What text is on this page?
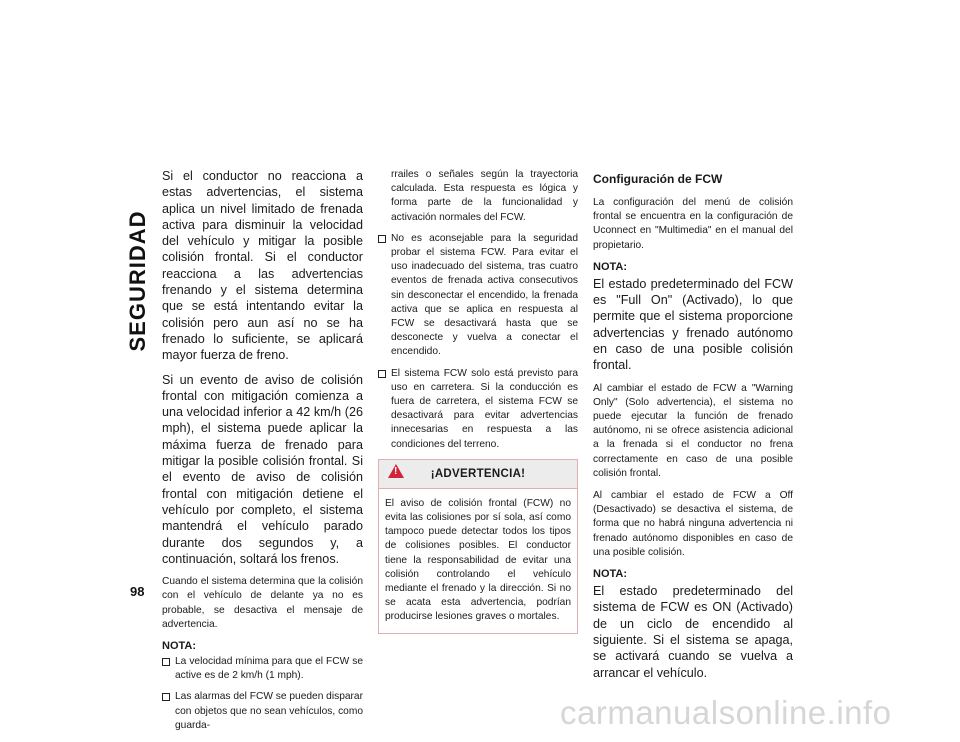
SEGURIDAD
98

Si el conductor no reacciona a estas advertencias, el sistema aplica un nivel limitado de frenada activa para disminuir la velocidad del vehículo y mitigar la posible colisión frontal. Si el conductor reacciona a las advertencias frenando y el sistema determina que se está intentando evitar la colisión pero aun así no se ha frenado lo suficiente, se aplicará mayor fuerza de freno.

Si un evento de aviso de colisión frontal con mitigación comienza a una velocidad inferior a 42 km/h (26 mph), el sistema puede aplicar la máxima fuerza de frenado para mitigar la posible colisión frontal. Si el evento de aviso de colisión frontal con mitigación detiene el vehículo por completo, el sistema mantendrá el vehículo parado durante dos segundos y, a continuación, soltará los frenos.

Cuando el sistema determina que la colisión con el vehículo de delante ya no es probable, se desactiva el mensaje de advertencia.

NOTA:
La velocidad mínima para que el FCW se active es de 2 km/h (1 mph).
Las alarmas del FCW se pueden disparar con objetos que no sean vehículos, como guarda-
rrailes o señales según la trayectoria calculada. Esta respuesta es lógica y forma parte de la funcionalidad y activación normales del FCW.
No es aconsejable para la seguridad probar el sistema FCW. Para evitar el uso inadecuado del sistema, tras cuatro eventos de frenada activa consecutivos sin desconectar el encendido, la frenada activa que se aplica en respuesta al FCW se desactivará hasta que se desconecte y vuelva a conectar el encendido.
El sistema FCW solo está previsto para uso en carretera. Si la conducción es fuera de carretera, el sistema FCW se desactivará para evitar advertencias innecesarias en respuesta a las condiciones del terreno.
!
¡ADVERTENCIA!
El aviso de colisión frontal (FCW) no evita las colisiones por sí sola, así como tampoco puede detectar todos los tipos de colisiones posibles. El conductor tiene la responsabilidad de evitar una colisión controlando el vehículo mediante el frenado y la dirección. Si no se acata esta advertencia, podrían producirse lesiones graves o mortales.
Configuración de FCW

La configuración del menú de colisión frontal se encuentra en la configuración de Uconnect en "Multimedia" en el manual del propietario.

NOTA:

El estado predeterminado del FCW es "Full On" (Activado), lo que permite que el sistema proporcione advertencias y frenado autónomo en caso de una posible colisión frontal.

Al cambiar el estado de FCW a "Warning Only" (Solo advertencia), el sistema no puede ejecutar la función de frenado autónomo, ni se ofrece asistencia adicional a la frenada si el conductor no frena correctamente en caso de una posible colisión frontal.

Al cambiar el estado de FCW a Off (Desactivado) se desactiva el sistema, de forma que no habrá ninguna advertencia ni frenado autónomo disponibles en caso de una posible colisión.

NOTA:

El estado predeterminado del sistema de FCW es ON (Activado) de un ciclo de encendido al siguiente. Si el sistema se apaga, se activará cuando se vuelva a arrancar el vehículo.

carmanualsonline.info
